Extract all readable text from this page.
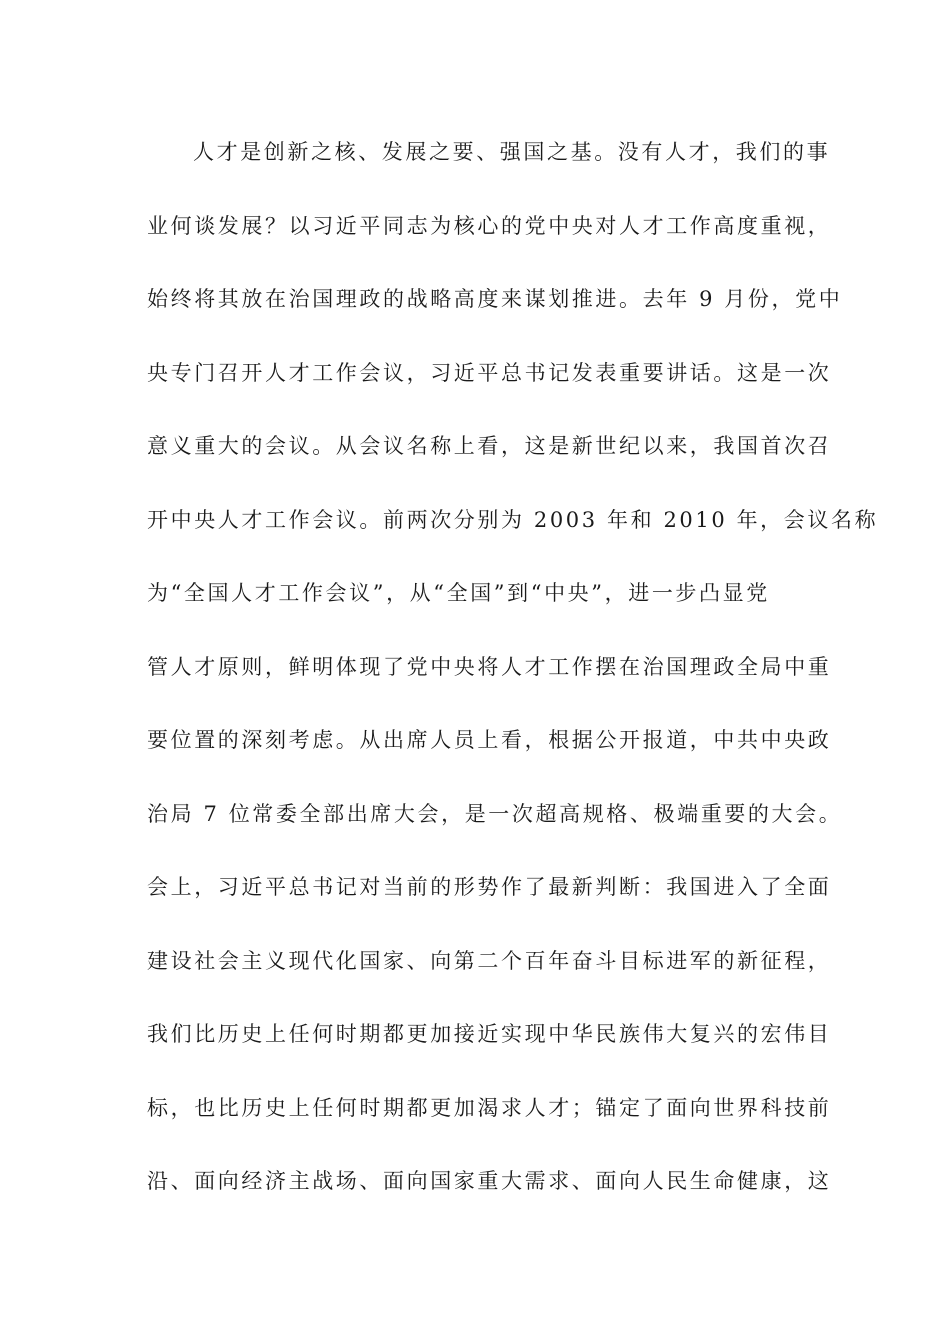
人才是创新之核、发展之要、强国之基。没有人才，我们的事
业何谈发展？以习近平同志为核心的党中央对人才工作高度重视，
始终将其放在治国理政的战略高度来谋划推进。去年 9 月份，党中
央专门召开人才工作会议，习近平总书记发表重要讲话。这是一次
意义重大的会议。从会议名称上看，这是新世纪以来，我国首次召
开中央人才工作会议。前两次分别为 2003 年和 2010 年，会议名称
为“全国人才工作会议”，从“全国”到“中央”，进一步凸显党
管人才原则，鲜明体现了党中央将人才工作摆在治国理政全局中重
要位置的深刻考虑。从出席人员上看，根据公开报道，中共中央政
治局 7 位常委全部出席大会，是一次超高规格、极端重要的大会。
会上，习近平总书记对当前的形势作了最新判断：我国进入了全面
建设社会主义现代化国家、向第二个百年奋斗目标进军的新征程，
我们比历史上任何时期都更加接近实现中华民族伟大复兴的宏伟目
标，也比历史上任何时期都更加渴求人才；锚定了面向世界科技前
沿、面向经济主战场、面向国家重大需求、面向人民生命健康，这
